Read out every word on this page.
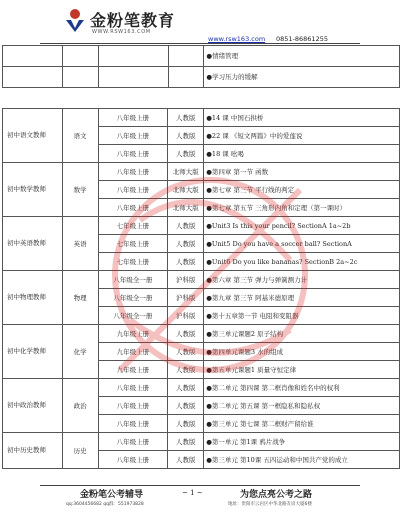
金粉笔教育
WWW.RSW163.COM
www.rsw163.com 0851-86861255
				●情绪管理
				●学习压力的缓解
初中语文教师	语文	八年级上册	人教版	●14 课 中国石拱桥
		八年级上册	人教版	●22 课 《短文两篇》中的爱莲说
		八年级上册	人教版	●18 课 吆喝
初中数学教师	数学	八年级上册	北师大版	●第四章 第一节 函数
		八年级上册	北师大版	●第七章 第三节 平行线的判定
		八年级上册	北师大版	●第七章 第五节 三角形内角和定理（第一课时）
初中英语教师	英语	七年级上册	人教版	●Unit3 Is this your pencil? SectionA 1a~2b
		七年级上册	人教版	●Unit5 Do you have a soccer ball? SectionA
		七年级上册	人教版	●Unit6 Do you like bananas? SectionB 2a~2c
初中物理教师	物理	八年级全一册	沪科版	●第六章 第三节 弹力与弹簧测力计
		八年级全一册	沪科版	●第九章 第三节 阿基米德原理
		八年级全一册	沪科版	●第十五章第一节 电阻和变阻器
初中化学教师	化学	九年级上册	人教版	●第三单元课题2 原子结构
		九年级上册	人教版	●第四单元课题3 水的组成
		九年级上册	人教版	●第五单元课题1 质量守恒定律
初中政治教师	政治	八年级上册	人教版	●第二单元 第四课 第二框肖像和姓名中的权利
		八年级上册	人教版	●第二单元 第五课 第一框隐私和隐私权
		八年级上册	人教版	●第三单元 第七课 第二框财产留给谁
初中历史教师	历史	八年级上册	人教版	●第一单元 第1课 鸦片战争
		八年级上册	人教版	●第三单元 第10课 五四运动和中国共产党的成立
金粉笔公考辅导	~ 1 ~	为您点亮公考之路
qq:3604456682 qq群：551973828	地址：贵阳市云岩区中华北路友谊大厦6楼
